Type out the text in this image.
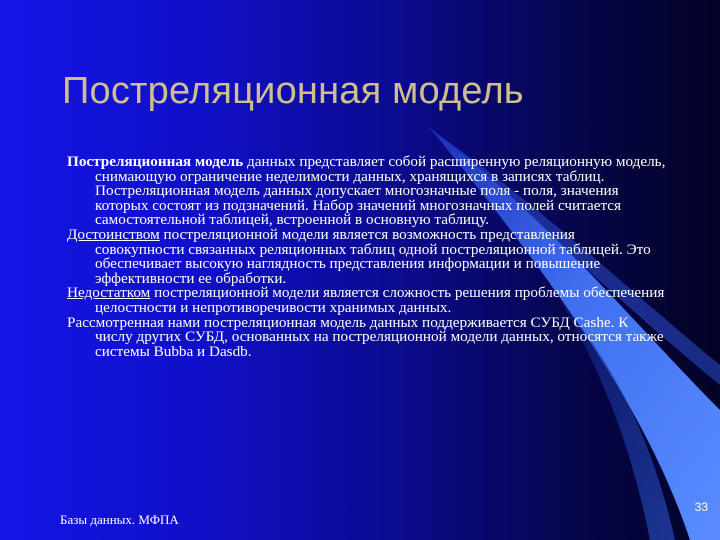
Постреляционная модель

Постреляционная модель данных представляет собой расширенную реляционную модель, снимающую ограничение неделимости данных, хранящихся в записях таблиц. Постреляционная модель данных допускает многозначные поля - поля, значения которых состоят из подзначений. Набор значений многозначных полей считается самостоятельной таблицей, встроенной в основную таблицу.

Достоинством постреляционной модели является возможность представления совокупности связанных реляционных таблиц одной постреляционной таблицей. Это обеспечивает высокую наглядность представления информации и повышение эффективности ее обработки.

Недостатком постреляционной модели является сложность решения проблемы обеспечения целостности и непротиворечивости хранимых данных.

Рассмотренная нами постреляционная модель данных поддерживается СУБД Cashe. К числу других СУБД, основанных на постреляционной модели данных, относятся также системы Bubba и Dasdb.

Базы данных. МФПА
33
